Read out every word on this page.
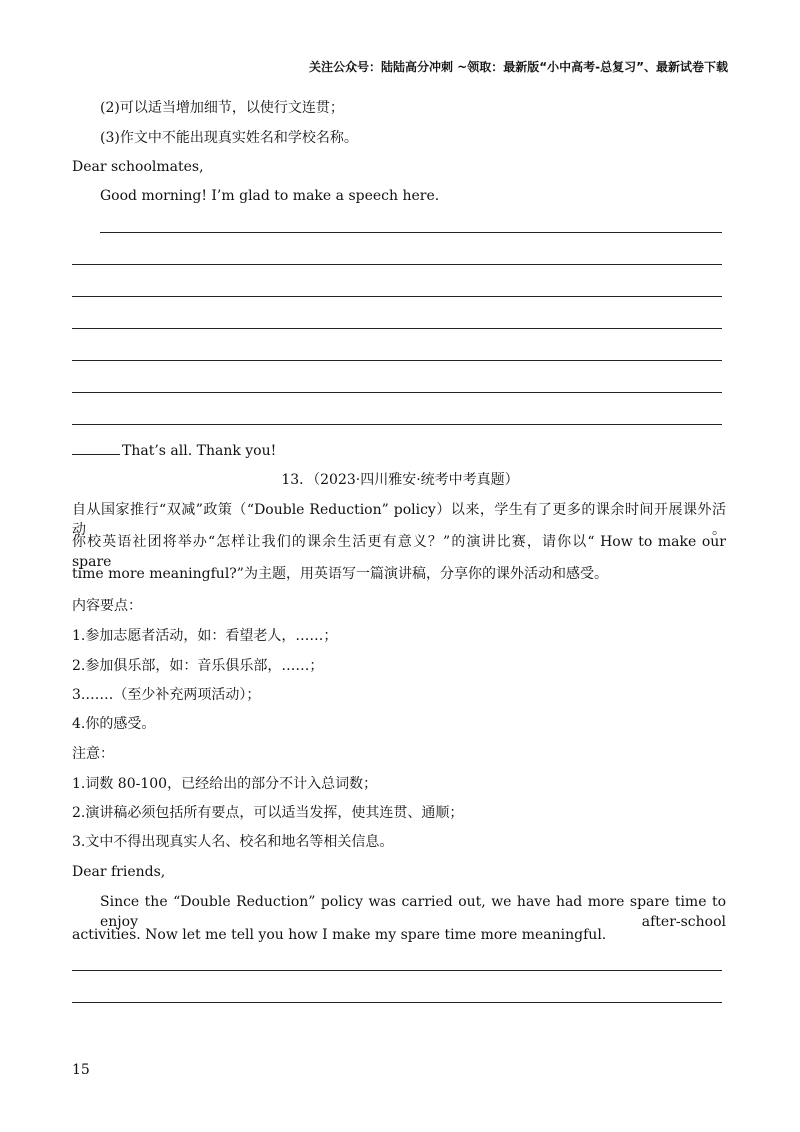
关注公众号：陆陆高分冲刺 ~领取：最新版“小中高考-总复习”、最新试卷下载
(2)可以适当增加细节，以使行文连贯；
(3)作文中不能出现真实姓名和学校名称。
Dear schoolmates,
Good morning! I’m glad to make a speech here.
That’s all. Thank you!
13．（2023·四川雅安·统考中考真题）
自从国家推行“双减”政策（“Double Reduction” policy）以来，学生有了更多的课余时间开展课外活动。
你校英语社团将举办“怎样让我们的课余生活更有意义？”的演讲比赛，请你以“ How to make our spare
time more meaningful?”为主题，用英语写一篇演讲稿，分享你的课外活动和感受。
内容要点：
1.参加志愿者活动，如：看望老人，……；
2.参加俱乐部，如：音乐俱乐部，……；
3.……（至少补充两项活动）；
4.你的感受。
注意：
1.词数 80-100，已经给出的部分不计入总词数；
2.演讲稿必须包括所有要点，可以适当发挥，使其连贯、通顺；
3.文中不得出现真实人名、校名和地名等相关信息。
Dear friends,
Since the “Double Reduction” policy was carried out, we have had more spare time to enjoy after-school
activities. Now let me tell you how I make my spare time more meaningful.
15
